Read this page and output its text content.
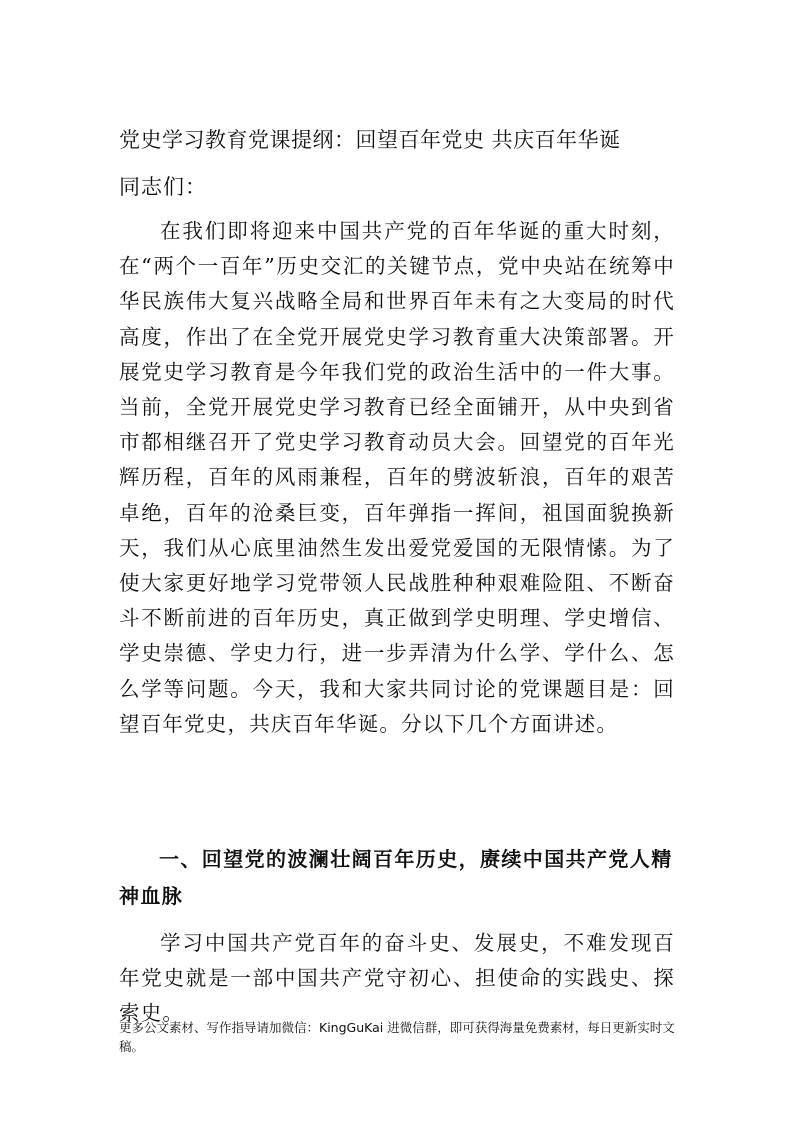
党史学习教育党课提纲：回望百年党史 共庆百年华诞
同志们：

在我们即将迎来中国共产党的百年华诞的重大时刻，在“两个一百年”历史交汇的关键节点，党中央站在统筹中华民族伟大复兴战略全局和世界百年未有之大变局的时代高度，作出了在全党开展党史学习教育重大决策部署。开展党史学习教育是今年我们党的政治生活中的一件大事。当前，全党开展党史学习教育已经全面铺开，从中央到省市都相继召开了党史学习教育动员大会。回望党的百年光辉历程，百年的风雨兼程，百年的劈波斩浪，百年的艰苦卓绝，百年的沧桑巨变，百年弹指一挥间，祖国面貌换新天，我们从心底里油然生发出爱党爱国的无限情愫。为了使大家更好地学习党带领人民战胜种种艰难险阻、不断奋斗不断前进的百年历史，真正做到学史明理、学史增信、学史崇德、学史力行，进一步弄清为什么学、学什么、怎么学等问题。今天，我和大家共同讨论的党课题目是：回望百年党史，共庆百年华诞。分以下几个方面讲述。

一、回望党的波澜壮阔百年历史，赓续中国共产党人精神血脉

学习中国共产党百年的奋斗史、发展史，不难发现百年党史就是一部中国共产党守初心、担使命的实践史、探索史。

更多公文素材、写作指导请加微信：KingGuKai 进微信群，即可获得海量免费素材，每日更新实时文稿。
